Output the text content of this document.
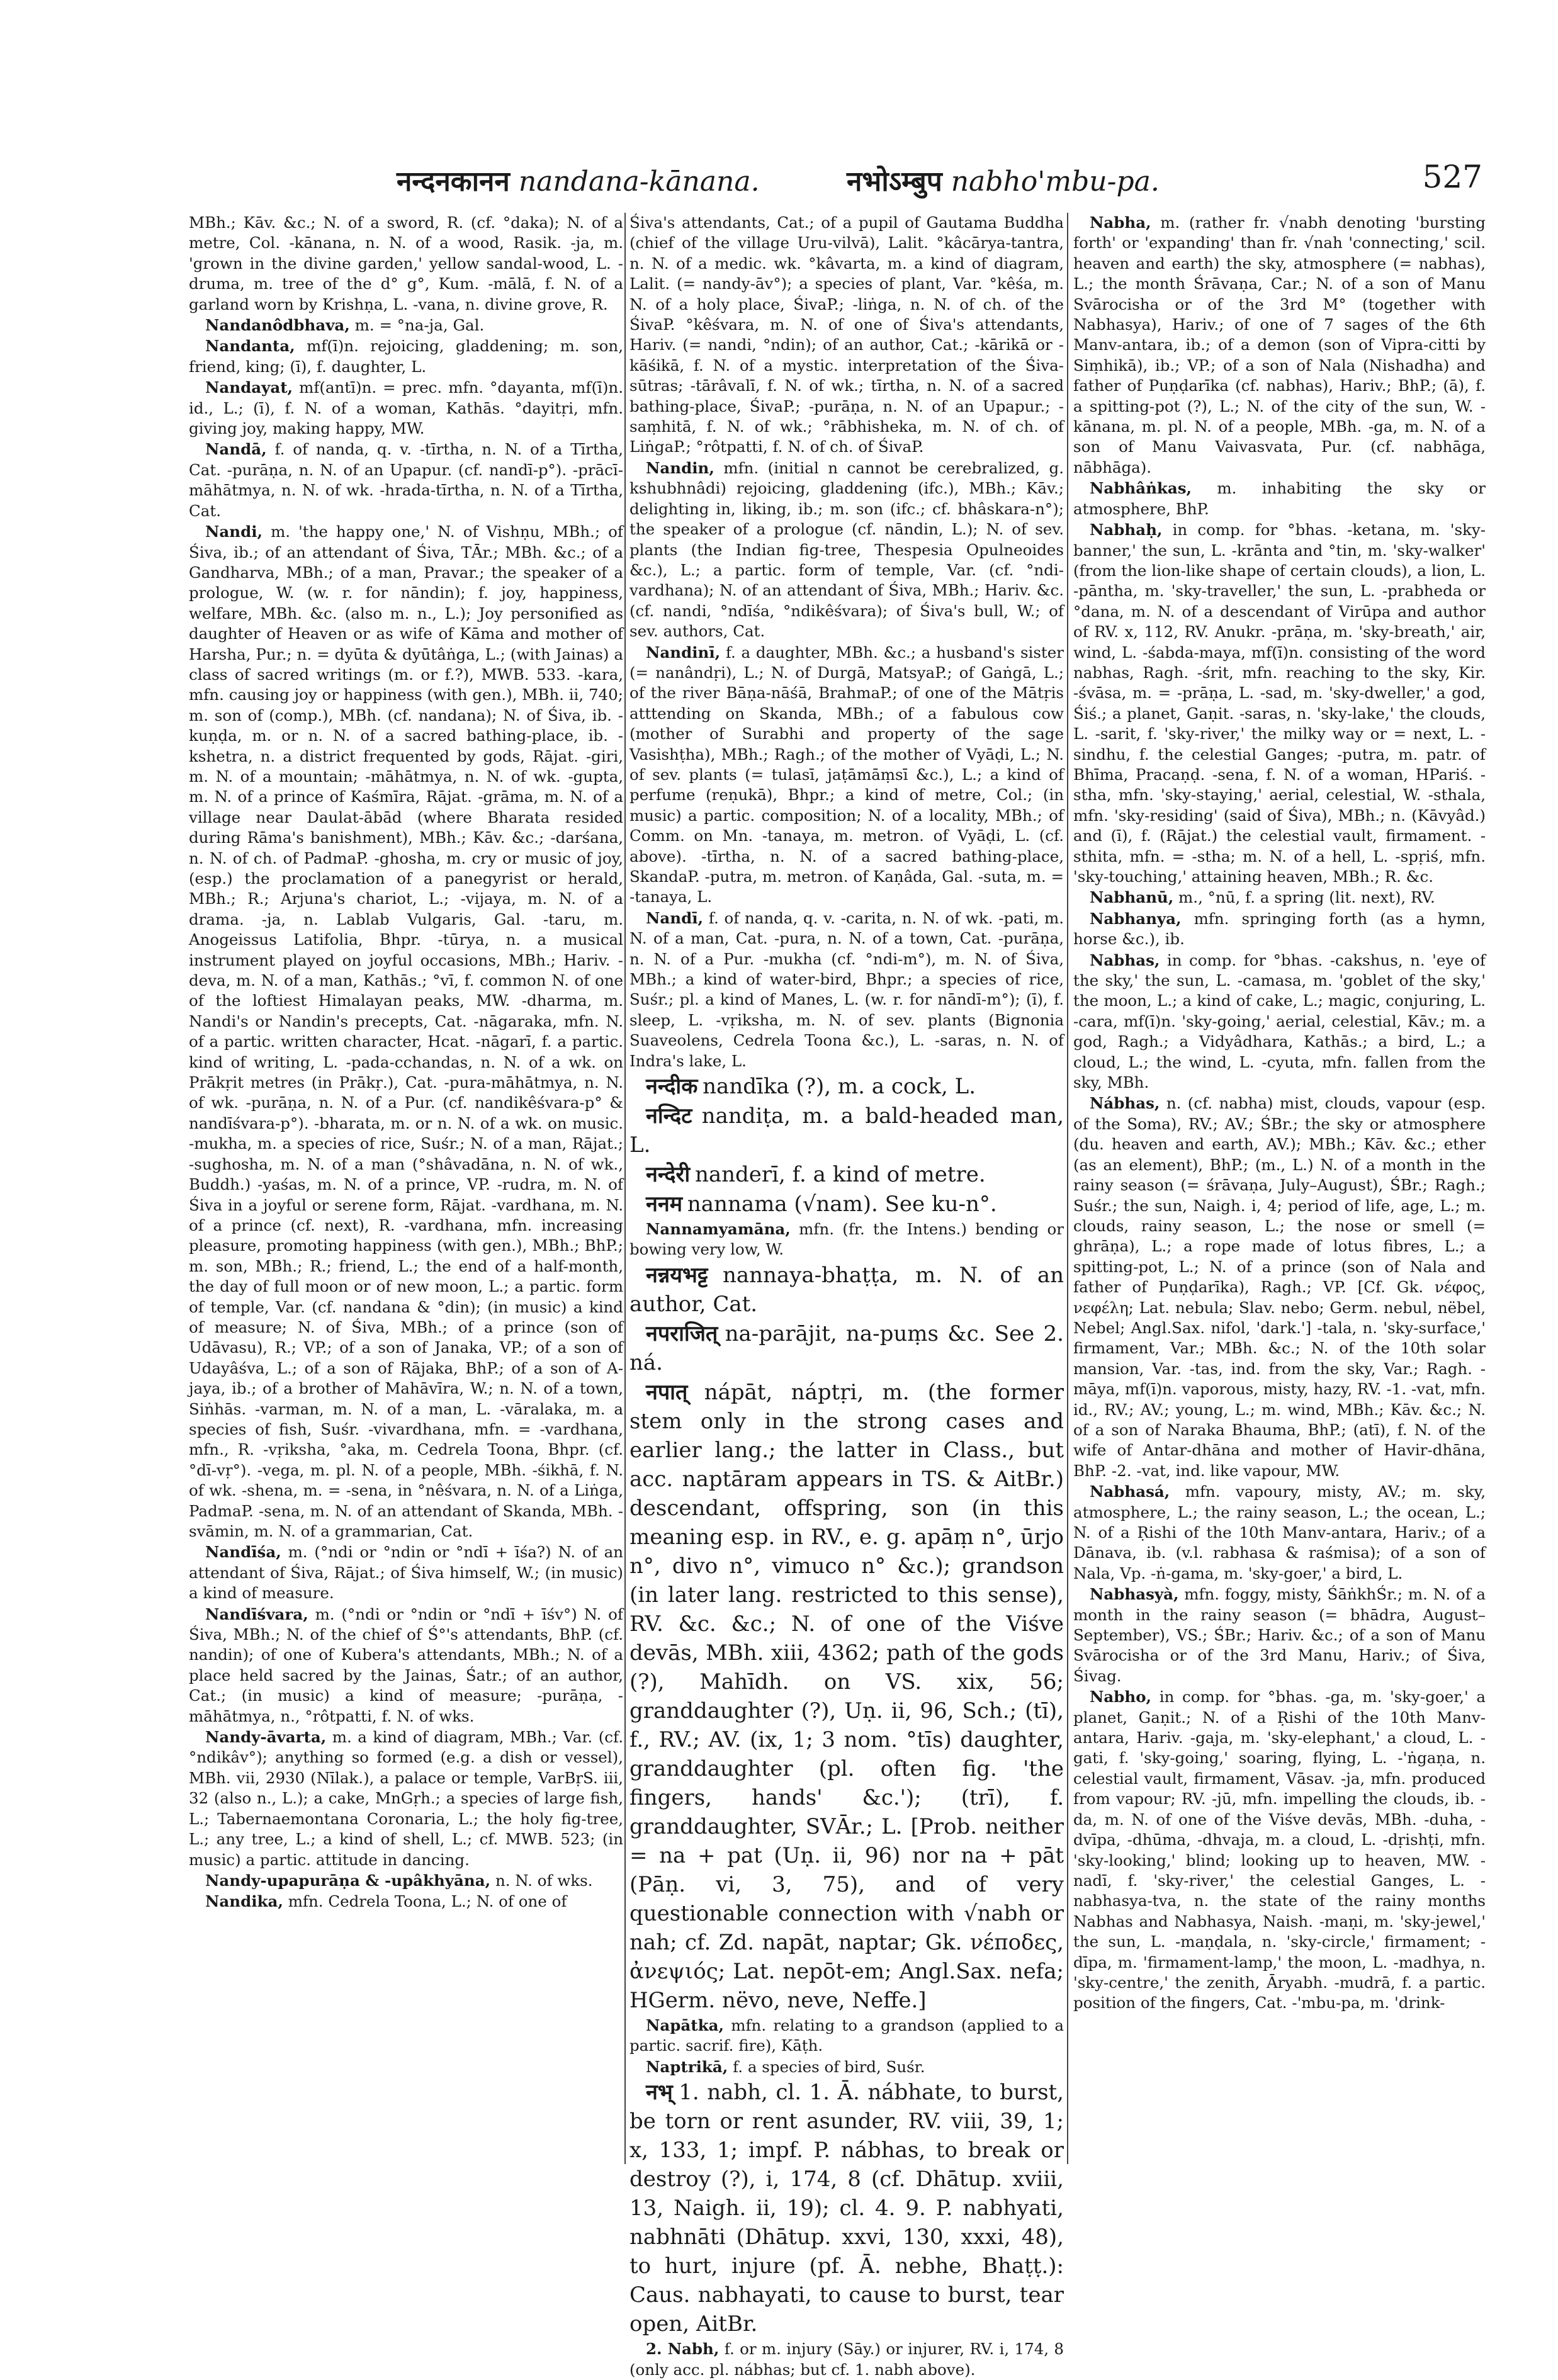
नन्दनकानन nandana-kānana.	नभोऽम्बुप nabho'mbu-pa.	527

MBh.; Kāv. &c.; N. of a sword, R. (cf. °daka); N. of a metre, Col. -kānana, n. N. of a wood, Rasik. -ja, m. 'grown in the divine garden,' yellow sandal-wood, L. -druma, m. tree of the d° g°, Kum. -mālā, f. N. of a garland worn by Krishṇa, L. -vana, n. divine grove, R.

Nandanôdbhava, m. = °na-ja, Gal.

Nandanta, mf(ī)n. rejoicing, gladdening; m. son, friend, king; (ī), f. daughter, L.

Nandayat, mf(antī)n. = prec. mfn. °dayanta, mf(ī)n. id., L.; (ī), f. N. of a woman, Kathās. °dayitṛi, mfn. giving joy, making happy, MW.

Nandā, f. of nanda, q. v. -tīrtha, n. N. of a Tīrtha, Cat. -purāṇa, n. N. of an Upapur. (cf. nandī-p°). -prācī-māhātmya, n. N. of wk. -hrada-tīrtha, n. N. of a Tīrtha, Cat.

Nandi, m. 'the happy one,' N. of Vishṇu, MBh.; of Śiva, ib.; of an attendant of Śiva, TĀr.; MBh. &c.; of a Gandharva, MBh.; of a man, Pravar.; the speaker of a prologue, W. (w. r. for nāndin); f. joy, happiness, welfare, MBh. &c. (also m. n., L.); Joy personified as daughter of Heaven or as wife of Kāma and mother of Harsha, Pur.; n. = dyūta & dyūtâṅga, L.; (with Jainas) a class of sacred writings (m. or f.?), MWB. 533. -kara, mfn. causing joy or happiness (with gen.), MBh. ii, 740; m. son of (comp.), MBh. (cf. nandana); N. of Śiva, ib. -kuṇḍa, m. or n. N. of a sacred bathing-place, ib. -kshetra, n. a district frequented by gods, Rājat. -giri, m. N. of a mountain; -māhātmya, n. N. of wk. -gupta, m. N. of a prince of Kaśmīra, Rājat. -grāma, m. N. of a village near Daulat-ābād (where Bharata resided during Rāma's banishment), MBh.; Kāv. &c.; -darśana, n. N. of ch. of PadmaP. -ghosha, m. cry or music of joy, (esp.) the proclamation of a panegyrist or herald, MBh.; R.; Arjuna's chariot, L.; -vijaya, m. N. of a drama. -ja, n. Lablab Vulgaris, Gal. -taru, m. Anogeissus Latifolia, Bhpr. -tūrya, n. a musical instrument played on joyful occasions, MBh.; Hariv. -deva, m. N. of a man, Kathās.; °vī, f. common N. of one of the loftiest Himalayan peaks, MW. -dharma, m. Nandi's or Nandin's precepts, Cat. -nāgaraka, mfn. N. of a partic. written character, Hcat. -nāgarī, f. a partic. kind of writing, L. -pada-cchandas, n. N. of a wk. on Prākṛit metres (in Prākṛ.), Cat. -pura-māhātmya, n. N. of wk. -purāṇa, n. N. of a Pur. (cf. nandikêśvara-p° & nandīśvara-p°). -bharata, m. or n. N. of a wk. on music. -mukha, m. a species of rice, Suśr.; N. of a man, Rājat.; -sughosha, m. N. of a man (°shâvadāna, n. N. of wk., Buddh.) -yaśas, m. N. of a prince, VP. -rudra, m. N. of Śiva in a joyful or serene form, Rājat. -vardhana, m. N. of a prince (cf. next), R. -vardhana, mfn. increasing pleasure, promoting happiness (with gen.), MBh.; BhP.; m. son, MBh.; R.; friend, L.; the end of a half-month, the day of full moon or of new moon, L.; a partic. form of temple, Var. (cf. nandana & °din); (in music) a kind of measure; N. of Śiva, MBh.; of a prince (son of Udāvasu), R.; VP.; of a son of Janaka, VP.; of a son of Udayâśva, L.; of a son of Rājaka, BhP.; of a son of A-jaya, ib.; of a brother of Mahāvīra, W.; n. N. of a town, Siṅhās. -varman, m. N. of a man, L. -vāralaka, m. a species of fish, Suśr. -vivardhana, mfn. = -vardhana, mfn., R. -vṛiksha, °aka, m. Cedrela Toona, Bhpr. (cf. °dī-vṛ°). -vega, m. pl. N. of a people, MBh. -śikhā, f. N. of wk. -shena, m. = -sena, in °nêśvara, n. N. of a Liṅga, PadmaP. -sena, m. N. of an attendant of Skanda, MBh. -svāmin, m. N. of a grammarian, Cat.

Nandīśa, m. (°ndi or °ndin or °ndī + īśa?) N. of an attendant of Śiva, Rājat.; of Śiva himself, W.; (in music) a kind of measure.

Nandīśvara, m. (°ndi or °ndin or °ndī + īśv°) N. of Śiva, MBh.; N. of the chief of Ś°'s attendants, BhP. (cf. nandin); of one of Kubera's attendants, MBh.; N. of a place held sacred by the Jainas, Śatr.; of an author, Cat.; (in music) a kind of measure; -purāṇa, -māhātmya, n., °rôtpatti, f. N. of wks.

Nandy-āvarta, m. a kind of diagram, MBh.; Var. (cf. °ndikâv°); anything so formed (e.g. a dish or vessel), MBh. vii, 2930 (Nīlak.), a palace or temple, VarBṛS. iii, 32 (also n., L.); a cake, MnGṛh.; a species of large fish, L.; Tabernaemontana Coronaria, L.; the holy fig-tree, L.; any tree, L.; a kind of shell, L.; cf. MWB. 523; (in music) a partic. attitude in dancing.

Nandy-upapurāṇa & -upâkhyāna, n. N. of wks.

Nandika, mfn. Cedrela Toona, L.; N. of one of

Śiva's attendants, Cat.; of a pupil of Gautama Buddha (chief of the village Uru-vilvā), Lalit. °kâcārya-tantra, n. N. of a medic. wk. °kâvarta, m. a kind of diagram, Lalit. (= nandy-āv°); a species of plant, Var. °kêśa, m. N. of a holy place, ŚivaP.; -liṅga, n. N. of ch. of the ŚivaP. °kêśvara, m. N. of one of Śiva's attendants, Hariv. (= nandi, °ndin); of an author, Cat.; -kārikā or -kāśikā, f. N. of a mystic. interpretation of the Śiva-sūtras; -tārâvalī, f. N. of wk.; tīrtha, n. N. of a sacred bathing-place, ŚivaP.; -purāṇa, n. N. of an Upapur.; -saṃhitā, f. N. of wk.; °rābhisheka, m. N. of ch. of LiṅgaP.; °rôtpatti, f. N. of ch. of ŚivaP.

Nandin, mfn. (initial n cannot be cerebralized, g. kshubhnâdi) rejoicing, gladdening (ifc.), MBh.; Kāv.; delighting in, liking, ib.; m. son (ifc.; cf. bhâskara-n°); the speaker of a prologue (cf. nāndin, L.); N. of sev. plants (the Indian fig-tree, Thespesia Opulneoides &c.), L.; a partic. form of temple, Var. (cf. °ndi-vardhana); N. of an attendant of Śiva, MBh.; Hariv. &c. (cf. nandi, °ndīśa, °ndikêśvara); of Śiva's bull, W.; of sev. authors, Cat.

Nandinī, f. a daughter, MBh. &c.; a husband's sister (= nanândṛi), L.; N. of Durgā, MatsyaP.; of Gaṅgā, L.; of the river Bāṇa-nāśā, BrahmaP.; of one of the Mātṛis atttending on Skanda, MBh.; of a fabulous cow (mother of Surabhi and property of the sage Vasishṭha), MBh.; Ragh.; of the mother of Vyāḍi, L.; N. of sev. plants (= tulasī, jaṭāmāṃsī &c.), L.; a kind of perfume (reṇukā), Bhpr.; a kind of metre, Col.; (in music) a partic. composition; N. of a locality, MBh.; of Comm. on Mn. -tanaya, m. metron. of Vyāḍi, L. (cf. above). -tīrtha, n. N. of a sacred bathing-place, SkandaP. -putra, m. metron. of Kaṇâda, Gal. -suta, m. = -tanaya, L.

Nandī, f. of nanda, q. v. -carita, n. N. of wk. -pati, m. N. of a man, Cat. -pura, n. N. of a town, Cat. -purāṇa, n. N. of a Pur. -mukha (cf. °ndi-m°), m. N. of Śiva, MBh.; a kind of water-bird, Bhpr.; a species of rice, Suśr.; pl. a kind of Manes, L. (w. r. for nāndī-m°); (ī), f. sleep, L. -vṛiksha, m. N. of sev. plants (Bignonia Suaveolens, Cedrela Toona &c.), L. -saras, n. N. of Indra's lake, L.

नन्दीक nandīka (?), m. a cock, L.

नन्दिट nandiṭa, m. a bald-headed man, L.

नन्देरी nanderī, f. a kind of metre.

ननम nannama (√nam). See ku-n°.

Nannamyamāna, mfn. (fr. the Intens.) bending or bowing very low, W.

नन्नयभट्ट nannaya-bhaṭṭa, m. N. of an author, Cat.

नपराजित् na-parājit, na-puṃs &c. See 2. ná.

नपात् nápāt, náptṛi, m. (the former stem only in the strong cases and earlier lang.; the latter in Class., but acc. naptāram appears in TS. & AitBr.) descendant, offspring, son (in this meaning esp. in RV., e. g. apāṃ n°, ūrjo n°, divo n°, vimuco n° &c.); grandson (in later lang. restricted to this sense), RV. &c. &c.; N. of one of the Viśve devās, MBh. xiii, 4362; path of the gods (?), Mahīdh. on VS. xix, 56; granddaughter (?), Uṇ. ii, 96, Sch.; (tī), f., RV.; AV. (ix, 1; 3 nom. °tīs) daughter, granddaughter (pl. often fig. 'the fingers, hands' &c.'); (trī), f. granddaughter, SVĀr.; L. [Prob. neither = na + pat (Uṇ. ii, 96) nor na + pāt (Pāṇ. vi, 3, 75), and of very questionable connection with √nabh or nah; cf. Zd. napāt, naptar; Gk. νέποδες, ἀνεψιός; Lat. nepōt-em; Angl.Sax. nefa; HGerm. nëvo, neve, Neffe.]

Napātka, mfn. relating to a grandson (applied to a partic. sacrif. fire), Kāṭh.

Naptrikā, f. a species of bird, Suśr.

नभ् 1. nabh, cl. 1. Ā. nábhate, to burst, be torn or rent asunder, RV. viii, 39, 1; x, 133, 1; impf. P. nábhas, to break or destroy (?), i, 174, 8 (cf. Dhātup. xviii, 13, Naigh. ii, 19); cl. 4. 9. P. nabhyati, nabhnāti (Dhātup. xxvi, 130, xxxi, 48), to hurt, injure (pf. Ā. nebhe, Bhaṭṭ.): Caus. nabhayati, to cause to burst, tear open, AitBr.

2. Nabh, f. or m. injury (Sāy.) or injurer, RV. i, 174, 8 (only acc. pl. nábhas; but cf. 1. nabh above).

Nabha, m. (rather fr. √nabh denoting 'bursting forth' or 'expanding' than fr. √nah 'connecting,' scil. heaven and earth) the sky, atmosphere (= nabhas), L.; the month Śrāvaṇa, Car.; N. of a son of Manu Svārocisha or of the 3rd M° (together with Nabhasya), Hariv.; of one of 7 sages of the 6th Manv-antara, ib.; of a demon (son of Vipra-citti by Siṃhikā), ib.; VP.; of a son of Nala (Nishadha) and father of Puṇḍarīka (cf. nabhas), Hariv.; BhP.; (ā), f. a spitting-pot (?), L.; N. of the city of the sun, W. -kānana, m. pl. N. of a people, MBh. -ga, m. N. of a son of Manu Vaivasvata, Pur. (cf. nabhāga, nābhāga).

Nabhâṅkas, m. inhabiting the sky or atmosphere, BhP.

Nabhaḥ, in comp. for °bhas. -ketana, m. 'sky-banner,' the sun, L. -krānta and °tin, m. 'sky-walker' (from the lion-like shape of certain clouds), a lion, L. -pāntha, m. 'sky-traveller,' the sun, L. -prabheda or °dana, m. N. of a descendant of Virūpa and author of RV. x, 112, RV. Anukr. -prāṇa, m. 'sky-breath,' air, wind, L. -śabda-maya, mf(ī)n. consisting of the word nabhas, Ragh. -śrit, mfn. reaching to the sky, Kir. -śvāsa, m. = -prāṇa, L. -sad, m. 'sky-dweller,' a god, Śiś.; a planet, Gaṇit. -saras, n. 'sky-lake,' the clouds, L. -sarit, f. 'sky-river,' the milky way or = next, L. -sindhu, f. the celestial Ganges; -putra, m. patr. of Bhīma, Pracaṇḍ. -sena, f. N. of a woman, HPariś. -stha, mfn. 'sky-staying,' aerial, celestial, W. -sthala, mfn. 'sky-residing' (said of Śiva), MBh.; n. (Kāvyâd.) and (ī), f. (Rājat.) the celestial vault, firmament. -sthita, mfn. = -stha; m. N. of a hell, L. -spṛiś, mfn. 'sky-touching,' attaining heaven, MBh.; R. &c.

Nabhanū, m., °nū, f. a spring (lit. next), RV.

Nabhanya, mfn. springing forth (as a hymn, horse &c.), ib.

Nabhas, in comp. for °bhas. -cakshus, n. 'eye of the sky,' the sun, L. -camasa, m. 'goblet of the sky,' the moon, L.; a kind of cake, L.; magic, conjuring, L. -cara, mf(ī)n. 'sky-going,' aerial, celestial, Kāv.; m. a god, Ragh.; a Vidyâdhara, Kathās.; a bird, L.; a cloud, L.; the wind, L. -cyuta, mfn. fallen from the sky, MBh.

Nábhas, n. (cf. nabha) mist, clouds, vapour (esp. of the Soma), RV.; AV.; ŚBr.; the sky or atmosphere (du. heaven and earth, AV.); MBh.; Kāv. &c.; ether (as an element), BhP.; (m., L.) N. of a month in the rainy season (= śrāvaṇa, July–August), ŚBr.; Ragh.; Suśr.; the sun, Naigh. i, 4; period of life, age, L.; m. clouds, rainy season, L.; the nose or smell (= ghrāṇa), L.; a rope made of lotus fibres, L.; a spitting-pot, L.; N. of a prince (son of Nala and father of Puṇḍarīka), Ragh.; VP. [Cf. Gk. νέφος, νεφέλη; Lat. nebula; Slav. nebo; Germ. nebul, nëbel, Nebel; Angl.Sax. nifol, 'dark.'] -tala, n. 'sky-surface,' firmament, Var.; MBh. &c.; N. of the 10th solar mansion, Var. -tas, ind. from the sky, Var.; Ragh. -māya, mf(ī)n. vaporous, misty, hazy, RV. -1. -vat, mfn. id., RV.; AV.; young, L.; m. wind, MBh.; Kāv. &c.; N. of a son of Naraka Bhauma, BhP.; (atī), f. N. of the wife of Antar-dhāna and mother of Havir-dhāna, BhP. -2. -vat, ind. like vapour, MW.

Nabhasá, mfn. vapoury, misty, AV.; m. sky, atmosphere, L.; the rainy season, L.; the ocean, L.; N. of a Ṛishi of the 10th Manv-antara, Hariv.; of a Dānava, ib. (v.l. rabhasa & raśmisa); of a son of Nala, Vp. -ṅ-gama, m. 'sky-goer,' a bird, L.

Nabhasyà, mfn. foggy, misty, ŚāṅkhŚr.; m. N. of a month in the rainy season (= bhādra, August–September), VS.; ŚBr.; Hariv. &c.; of a son of Manu Svārocisha or of the 3rd Manu, Hariv.; of Śiva, Śivag.

Nabho, in comp. for °bhas. -ga, m. 'sky-goer,' a planet, Gaṇit.; N. of a Ṛishi of the 10th Manv-antara, Hariv. -gaja, m. 'sky-elephant,' a cloud, L. -gati, f. 'sky-going,' soaring, flying, L. -'ṅgaṇa, n. celestial vault, firmament, Vāsav. -ja, mfn. produced from vapour; RV. -jū, mfn. impelling the clouds, ib. -da, m. N. of one of the Viśve devās, MBh. -duha, -dvīpa, -dhūma, -dhvaja, m. a cloud, L. -dṛishṭi, mfn. 'sky-looking,' blind; looking up to heaven, MW. -nadī, f. 'sky-river,' the celestial Ganges, L. -nabhasya-tva, n. the state of the rainy months Nabhas and Nabhasya, Naish. -maṇi, m. 'sky-jewel,' the sun, L. -maṇḍala, n. 'sky-circle,' firmament; -dīpa, m. 'firmament-lamp,' the moon, L. -madhya, n. 'sky-centre,' the zenith, Āryabh. -mudrā, f. a partic. position of the fingers, Cat. -'mbu-pa, m. 'drink-
